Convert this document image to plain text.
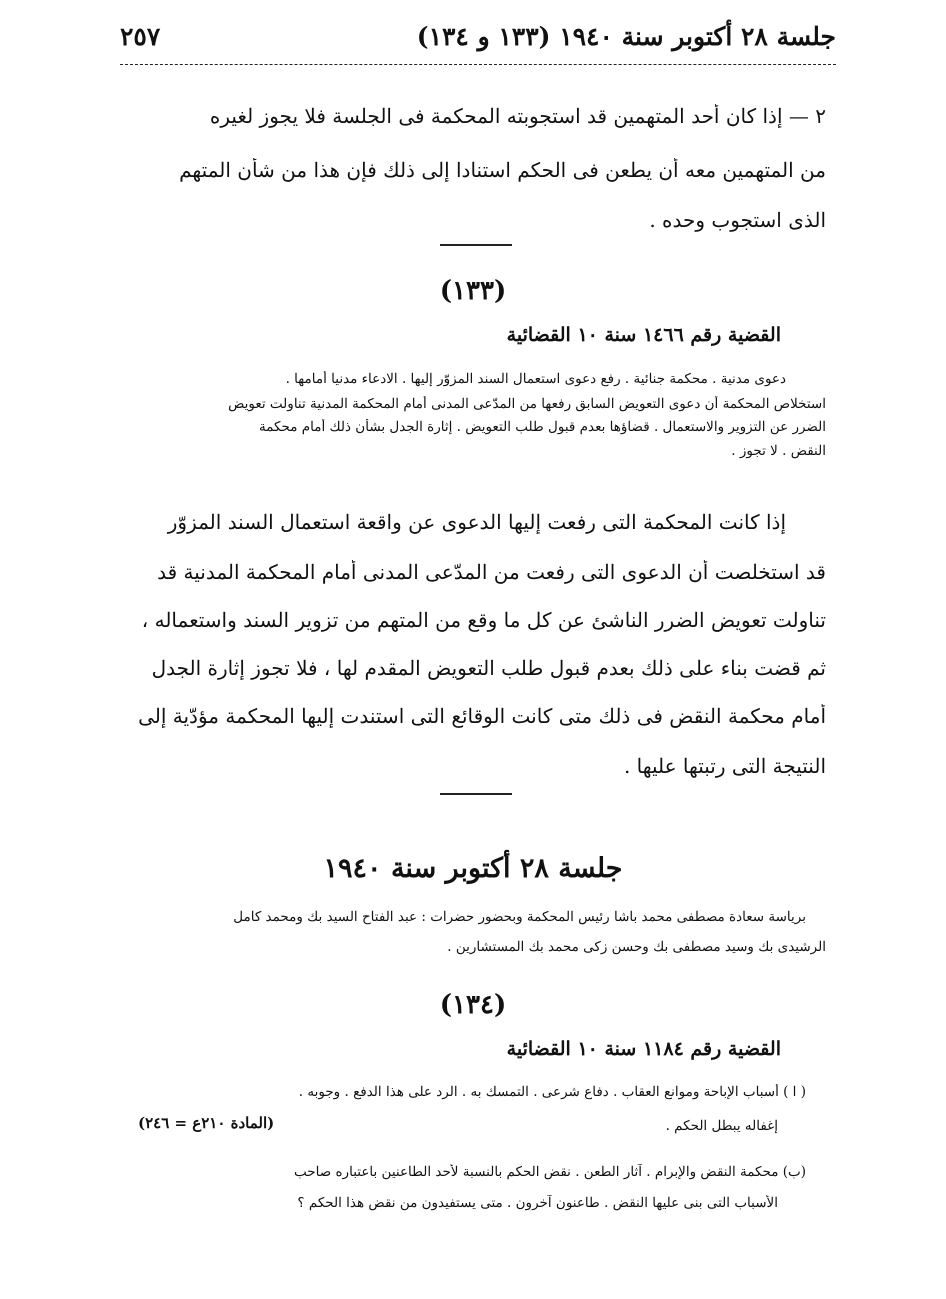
جلسة ٢٨ أكتوبر سنة ١٩٤٠ (١٣٣ و ١٣٤)
٢٥٧
٢ — إذا كان أحد المتهمين قد استجوبته المحكمة فى الجلسة فلا يجوز لغيره
من المتهمين معه أن يطعن فى الحكم استنادا إلى ذلك فإن هذا من شأن المتهم
الذى استجوب وحده .
(١٣٣)
القضية رقم ١٤٦٦ سنة ١٠ القضائية
دعوى مدنية . محكمة جنائية . رفع دعوى استعمال السند المزوّر إليها . الادعاء مدنيا أمامها .
استخلاص المحكمة أن دعوى التعويض السابق رفعها من المدّعى المدنى أمام المحكمة المدنية تناولت تعويض
الضرر عن التزوير والاستعمال . قضاؤها بعدم قبول طلب التعويض . إثارة الجدل بشأن ذلك أمام محكمة
النقض . لا تجوز .
إذا كانت المحكمة التى رفعت إليها الدعوى عن واقعة استعمال السند المزوّر
قد استخلصت أن الدعوى التى رفعت من المدّعى المدنى أمام المحكمة المدنية قد
تناولت تعويض الضرر الناشئ عن كل ما وقع من المتهم من تزوير السند واستعماله ،
ثم قضت بناء على ذلك بعدم قبول طلب التعويض المقدم لها ، فلا تجوز إثارة الجدل
أمام محكمة النقض فى ذلك متى كانت الوقائع التى استندت إليها المحكمة مؤدّية إلى
النتيجة التى رتبتها عليها .
جلسة ٢٨ أكتوبر سنة ١٩٤٠
برياسة سعادة مصطفى محمد باشا رئيس المحكمة وبحضور حضرات : عبد الفتاح السيد بك ومحمد كامل
الرشيدى بك وسيد مصطفى بك وحسن زكى محمد بك المستشارين .
(١٣٤)
القضية رقم ١١٨٤ سنة ١٠ القضائية
( ا ) أسباب الإباحة وموانع العقاب . دفاع شرعى . التمسك به . الرد على هذا الدفع . وجوبه .
إغفاله يبطل الحكم .
(المادة ٢١٠ع = ٢٤٦)
(ب) محكمة النقض والإبرام . آثار الطعن . نقض الحكم بالنسبة لأحد الطاعنين باعتباره صاحب
الأسباب التى بنى عليها النقض . طاعنون آخرون . متى يستفيدون من نقض هذا الحكم ؟
